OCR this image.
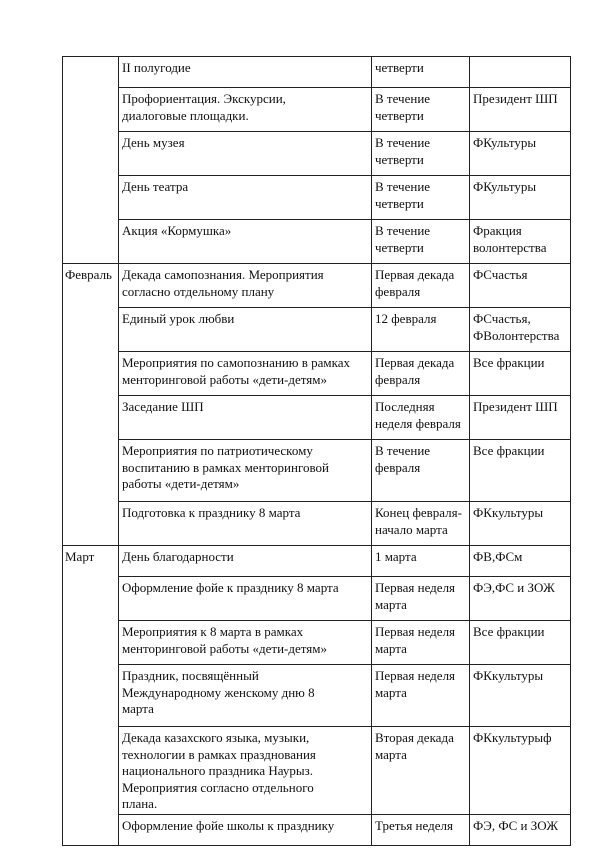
	II полугодие	четверти	
	Профориентация. Экскурсии,
диалоговые площадки.	В течение
четверти	Президент ШП
	День музея	В течение
четверти	ФКультуры
	День театра	В течение
четверти	ФКультуры
	Акция «Кормушка»	В течение
четверти	Фракция
волонтерства
Февраль	Декада самопознания. Мероприятия
согласно отдельному плану	Первая декада
февраля	ФСчастья
	Единый урок любви	12 февраля	ФСчастья,
ФВолонтерства
	Мероприятия по самопознанию в рамках
менторинговой работы «дети-детям»	Первая декада
февраля	Все фракции
	Заседание ШП	Последняя
неделя февраля	Президент ШП
	Мероприятия по патриотическому
воспитанию в рамках менторинговой
работы «дети-детям»	В течение
февраля	Все фракции
	Подготовка к празднику 8 марта	Конец февраля-
начало марта	ФКкультуры
Март	День благодарности	1 марта	ФВ,ФСм
	Оформление фойе к празднику 8 марта	Первая неделя
марта	ФЭ,ФС и ЗОЖ
	Мероприятия к 8 марта в рамках
менторинговой работы «дети-детям»	Первая неделя
марта	Все фракции
	Праздник, посвящённый
Международному женскому дню 8
марта	Первая неделя
марта	ФКкультуры
	Декада казахского языка, музыки,
технологии в рамках празднования
национального праздника Наурыз.
Мероприятия согласно отдельного
плана.	Вторая декада
марта	ФКкультурыф
	Оформление фойе школы к празднику	Третья неделя	ФЭ, ФС и ЗОЖ
